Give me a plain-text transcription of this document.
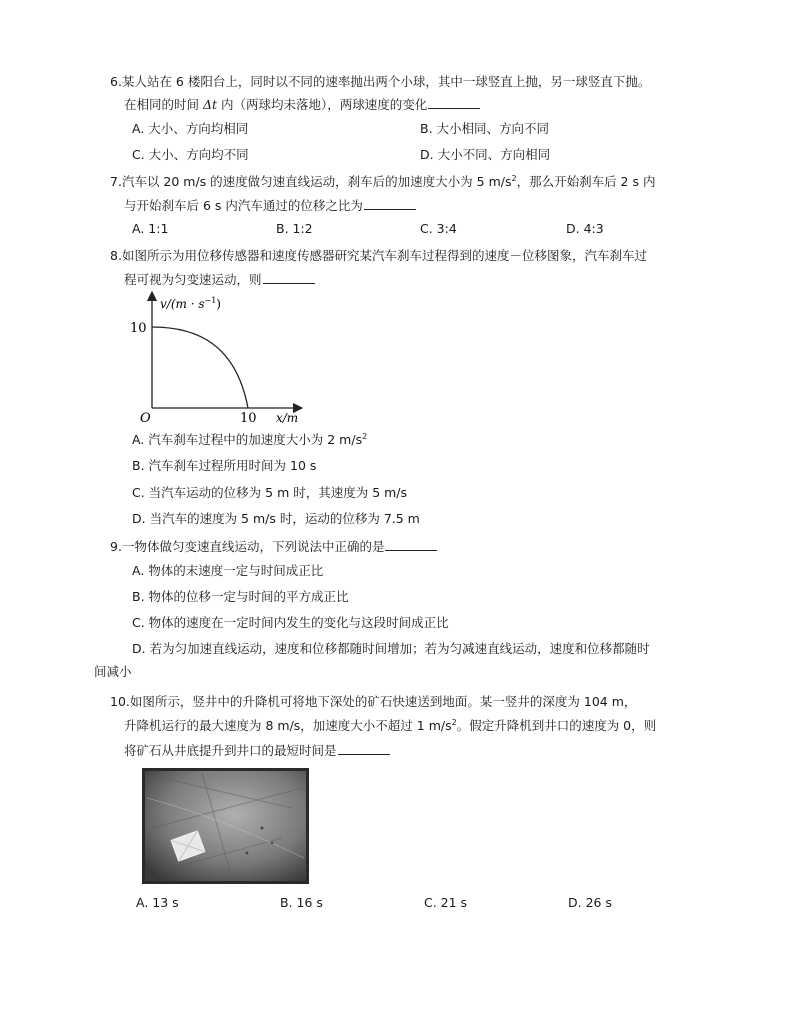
6.某人站在 6 楼阳台上，同时以不同的速率抛出两个小球，其中一球竖直上抛，另一球竖直下抛。
在相同的时间 Δt 内（两球均未落地），两球速度的变化
A. 大小、方向均相同	B. 大小相同、方向不同
C. 大小、方向均不同	D. 大小不同、方向相同
7.汽车以 20 m/s 的速度做匀速直线运动，刹车后的加速度大小为 5 $m/s^2$，那么开始刹车后 2 s 内
与开始刹车后 6 s 内汽车通过的位移之比为
A. 1:1	B. 1:2	C. 3:4	D. 4:3
8.如图所示为用位移传感器和速度传感器研究某汽车刹车过程得到的速度－位移图象，汽车刹车过
程可视为匀变速运动，则
$v/(m \cdot s^{-1})$
10
O	10 x/m
A. 汽车刹车过程中的加速度大小为 2 $m/s^2$
B. 汽车刹车过程所用时间为 10 s
C. 当汽车运动的位移为 5 m 时，其速度为 5 m/s
D. 当汽车的速度为 5 m/s 时，运动的位移为 7.5 m
9.一物体做匀变速直线运动，下列说法中正确的是
A. 物体的末速度一定与时间成正比
B. 物体的位移一定与时间的平方成正比
C. 物体的速度在一定时间内发生的变化与这段时间成正比
D. 若为匀加速直线运动，速度和位移都随时间增加；若为匀减速直线运动，速度和位移都随时
间减小
10.如图所示，竖井中的升降机可将地下深处的矿石快速送到地面。某一竖井的深度为 104 m，
升降机运行的最大速度为 8 m/s，加速度大小不超过 1 $m/s^2$。假定升降机到井口的速度为 0，则
将矿石从井底提升到井口的最短时间是
A. 13 s	B. 16 s	C. 21 s	D. 26 s
